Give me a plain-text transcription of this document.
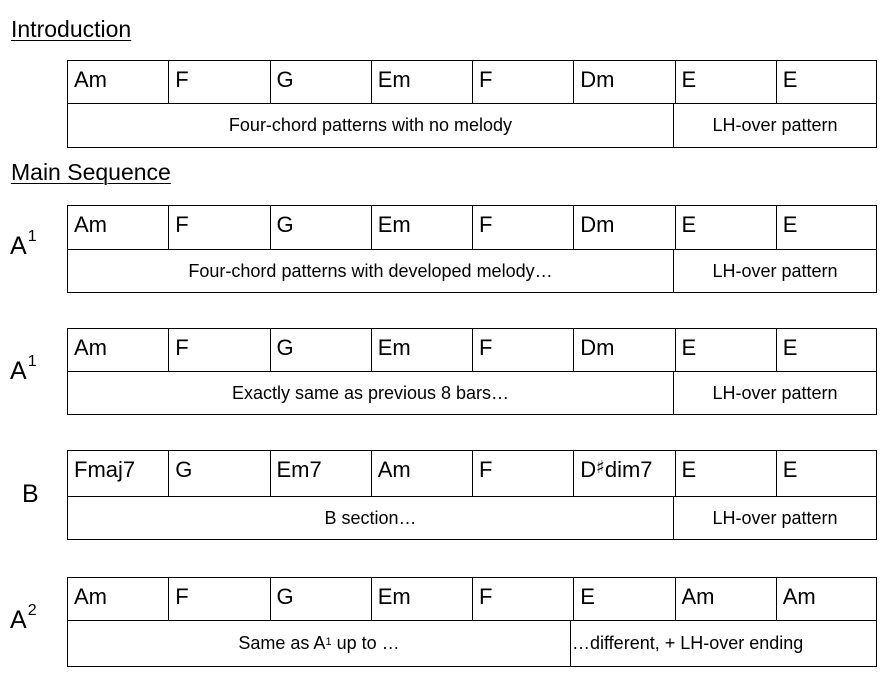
Introduction
Am	F	G	Em	F	Dm	E	E
Four-chord patterns with no melody	LH-over pattern
Main Sequence
$A^1$	Am	F	G	Em	F	Dm	E	E
Four-chord patterns with developed melody…	LH-over pattern
$A^1$
Am	F	G	Em	F	Dm	E	E
Exactly same as previous 8 bars…	LH-over pattern
B
Fmaj7	G	Em7	Am	F	D♯dim7	E	E
B section…	LH-over pattern
$A^2$
Am	F	G	Em	F	E	Am	Am
Same as $A^1$ up to …	…different, + LH-over ending
